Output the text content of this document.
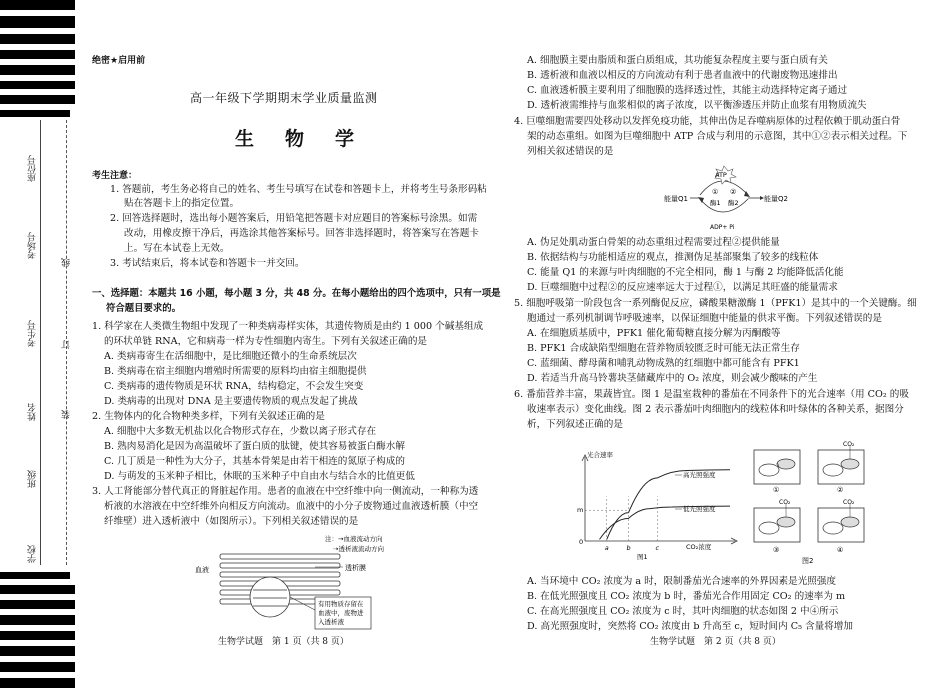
座位号
考场号
线
考生号	订
姓名	装
班级
学校
绝密★启用前
高一年级下学期期末学业质量监测
生　物　学
考生注意：
1. 答题前，考生务必将自己的姓名、考生号填写在试卷和答题卡上，并将考生号条形码粘
贴在答题卡上的指定位置。
2. 回答选择题时，选出每小题答案后，用铅笔把答题卡对应题目的答案标号涂黑。如需
改动，用橡皮擦干净后，再选涂其他答案标号。回答非选择题时，将答案写在答题卡
上。写在本试卷上无效。
3. 考试结束后，将本试卷和答题卡一并交回。
一、选择题：本题共 16 小题，每小题 3 分，共 48 分。在每小题给出的四个选项中，只有一项是
符合题目要求的。
1. 科学家在人类微生物组中发现了一种类病毒样实体，其遗传物质是由约 1 000 个碱基组成
的环状单链 RNA，它和病毒一样为专性细胞内寄生。下列有关叙述正确的是
A. 类病毒寄生在活细胞中，是比细胞还微小的生命系统层次
B. 类病毒在宿主细胞内增殖时所需要的原料均由宿主细胞提供
C. 类病毒的遗传物质是环状 RNA，结构稳定，不会发生突变
D. 类病毒的出现对 DNA 是主要遗传物质的观点发起了挑战
2. 生物体内的化合物种类多样，下列有关叙述正确的是
A. 细胞中大多数无机盐以化合物形式存在，少数以离子形式存在
B. 熟肉易消化是因为高温破坏了蛋白质的肽键，使其容易被蛋白酶水解
C. 几丁质是一种性为大分子，其基本骨架是由若干相连的氮原子构成的
D. 与萌发的玉米种子相比，休眠的玉米种子中自由水与结合水的比值更低
3. 人工肾能部分替代真正的肾脏起作用。患者的血液在中空纤维中向一侧流动，一种称为透
析液的水溶液在中空纤维外向相反方向流动。血液中的小分子废物通过血液透析膜（中空
纤维壁）进入透析液中（如图所示）。下列相关叙述错误的是
血液	透析膜
注：→血液流动方向
⇢透析液流动方向
有用物质存留在
血液中，废物进
入透析液
生物学试题　第 1 页（共 8 页）
A. 细胞膜主要由脂质和蛋白质组成，其功能复杂程度主要与蛋白质有关
B. 透析液和血液以相反的方向流动有利于患者血液中的代谢废物迅速排出
C. 血液透析膜主要利用了细胞膜的选择透过性，其能主动选择特定离子通过
D. 透析液需维持与血浆相似的离子浓度，以平衡渗透压并防止血浆有用物质流失
4. 巨噬细胞需要四处移动以发挥免疫功能，其伸出伪足吞噬病原体的过程依赖于肌动蛋白骨
架的动态重组。如图为巨噬细胞中 ATP 合成与利用的示意图，其中①②表示相关过程。下
列相关叙述错误的是
ATP
ADP+ Pi
能量Q1	能量Q2
① ②
酶1 酶2
A. 伪足处肌动蛋白骨架的动态重组过程需要过程②提供能量
B. 依据结构与功能相适应的观点，推测伪足基部聚集了较多的线粒体
C. 能量 Q1 的来源与叶肉细胞的不完全相同，酶 1 与酶 2 均能降低活化能
D. 巨噬细胞中过程②的反应速率远大于过程①，以满足其旺盛的能量需求
5. 细胞呼吸第一阶段包含一系列酶促反应，磷酸果糖激酶 1（PFK1）是其中的一个关键酶。细
胞通过一系列机制调节呼吸速率，以保证细胞中能量的供求平衡。下列叙述错误的是
A. 在细胞质基质中，PFK1 催化葡萄糖直接分解为丙酮酸等
B. PFK1 合成缺陷型细胞在营养物质较匮乏时可能无法正常生存
C. 蓝细菌、酵母菌和哺乳动物成熟的红细胞中都可能含有 PFK1
D. 若适当升高马铃薯块茎储藏库中的 O₂ 浓度，则会减少酸味的产生
6. 番茄营养丰富，果蔬皆宜。图 1 是温室栽种的番茄在不同条件下的光合速率（用 CO₂ 的吸
收速率表示）变化曲线。图 2 表示番茄叶肉细胞内的线粒体和叶绿体的各种关系，据图分
析，下列叙述正确的是
光合速率
CO₂浓度
0
m
a	b	c
高光照强度
低光照强度
图1
①
CO₂
②
CO₂
③
CO₂
④
图2
A. 当环境中 CO₂ 浓度为 a 时，限制番茄光合速率的外界因素是光照强度
B. 在低光照强度且 CO₂ 浓度为 b 时，番茄光合作用固定 CO₂ 的速率为 m
C. 在高光照强度且 CO₂ 浓度为 c 时，其叶肉细胞的状态如图 2 中④所示
D. 高光照强度时，突然将 CO₂ 浓度由 b 升高至 c，短时间内 C₅ 含量将增加
生物学试题　第 2 页（共 8 页）
